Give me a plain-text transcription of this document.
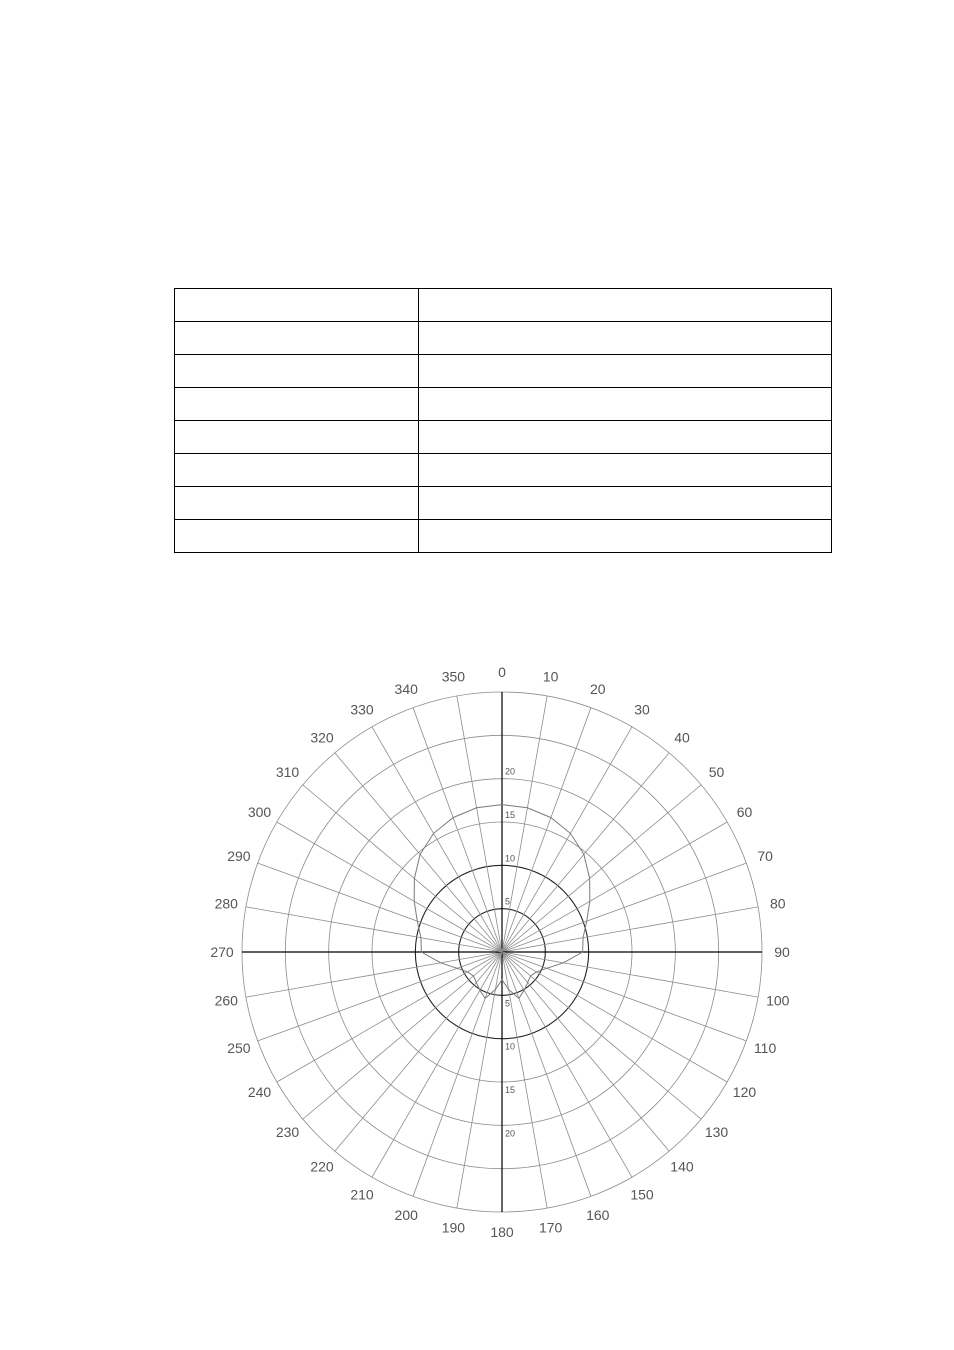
0	10
20
30
40
50
60
70
80
90
100
110
120
130
140
150
160
170
180
190
200
210
220
230
240
250
260
270
280
290
300
310
320
330
340
350
5
5
10
10
15
15
20
20
